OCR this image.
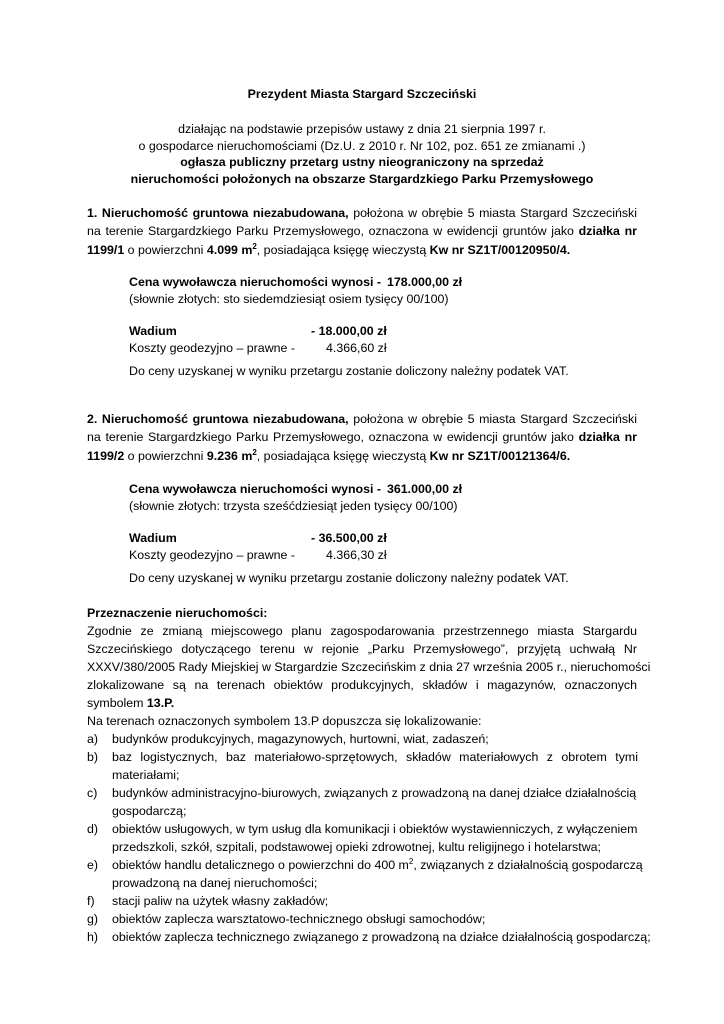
Prezydent Miasta Stargard Szczeciński
działając na podstawie przepisów ustawy z dnia 21 sierpnia 1997 r.
o gospodarce nieruchomościami (Dz.U. z 2010 r. Nr 102, poz. 651 ze zmianami .)
ogłasza publiczny przetarg ustny nieograniczony na sprzedaż
nieruchomości położonych na obszarze Stargardzkiego Parku Przemysłowego
1. Nieruchomość gruntowa niezabudowana, położona w obrębie 5 miasta Stargard Szczeciński
na terenie Stargardzkiego Parku Przemysłowego, oznaczona w ewidencji gruntów jako działka nr
1199/1 o powierzchni 4.099 $m^2$, posiadająca księgę wieczystą Kw nr SZ1T/00120950/4.
Cena wywoławcza nieruchomości wynosi - 178.000,00 zł
(słownie złotych: sto siedemdziesiąt osiem tysięcy 00/100)
Wadium	- 18.000,00 zł
Koszty geodezyjno – prawne -	4.366,60 zł
Do ceny uzyskanej w wyniku przetargu zostanie doliczony należny podatek VAT.
2. Nieruchomość gruntowa niezabudowana, położona w obrębie 5 miasta Stargard Szczeciński
na terenie Stargardzkiego Parku Przemysłowego, oznaczona w ewidencji gruntów jako działka nr
1199/2 o powierzchni 9.236 $m^2$, posiadająca księgę wieczystą Kw nr SZ1T/00121364/6.
Cena wywoławcza nieruchomości wynosi - 361.000,00 zł
(słownie złotych: trzysta sześćdziesiąt jeden tysięcy 00/100)
Wadium	- 36.500,00 zł
Koszty geodezyjno – prawne -	4.366,30 zł
Do ceny uzyskanej w wyniku przetargu zostanie doliczony należny podatek VAT.
Przeznaczenie nieruchomości:
Zgodnie ze zmianą miejscowego planu zagospodarowania przestrzennego miasta Stargardu
Szczecińskiego dotyczącego terenu w rejonie „Parku Przemysłowego”, przyjętą uchwałą Nr
XXXV/380/2005 Rady Miejskiej w Stargardzie Szczecińskim z dnia 27 września 2005 r., nieruchomości
zlokalizowane są na terenach obiektów produkcyjnych, składów i magazynów, oznaczonych
symbolem 13.P.
Na terenach oznaczonych symbolem 13.P dopuszcza się lokalizowanie:
a) budynków produkcyjnych, magazynowych, hurtowni, wiat, zadaszeń;
b) baz logistycznych, baz materiałowo-sprzętowych, składów materiałowych z obrotem tymi
materiałami;
c) budynków administracyjno-biurowych, związanych z prowadzoną na danej działce działalnością
gospodarczą;
d) obiektów usługowych, w tym usług dla komunikacji i obiektów wystawienniczych, z wyłączeniem
przedszkoli, szkół, szpitali, podstawowej opieki zdrowotnej, kultu religijnego i hotelarstwa;
e) obiektów handlu detalicznego o powierzchni do 400 $m^2$, związanych z działalnością gospodarczą
prowadzoną na danej nieruchomości;
f) stacji paliw na użytek własny zakładów;
g) obiektów zaplecza warsztatowo-technicznego obsługi samochodów;
h) obiektów zaplecza technicznego związanego z prowadzoną na działce działalnością gospodarczą;
